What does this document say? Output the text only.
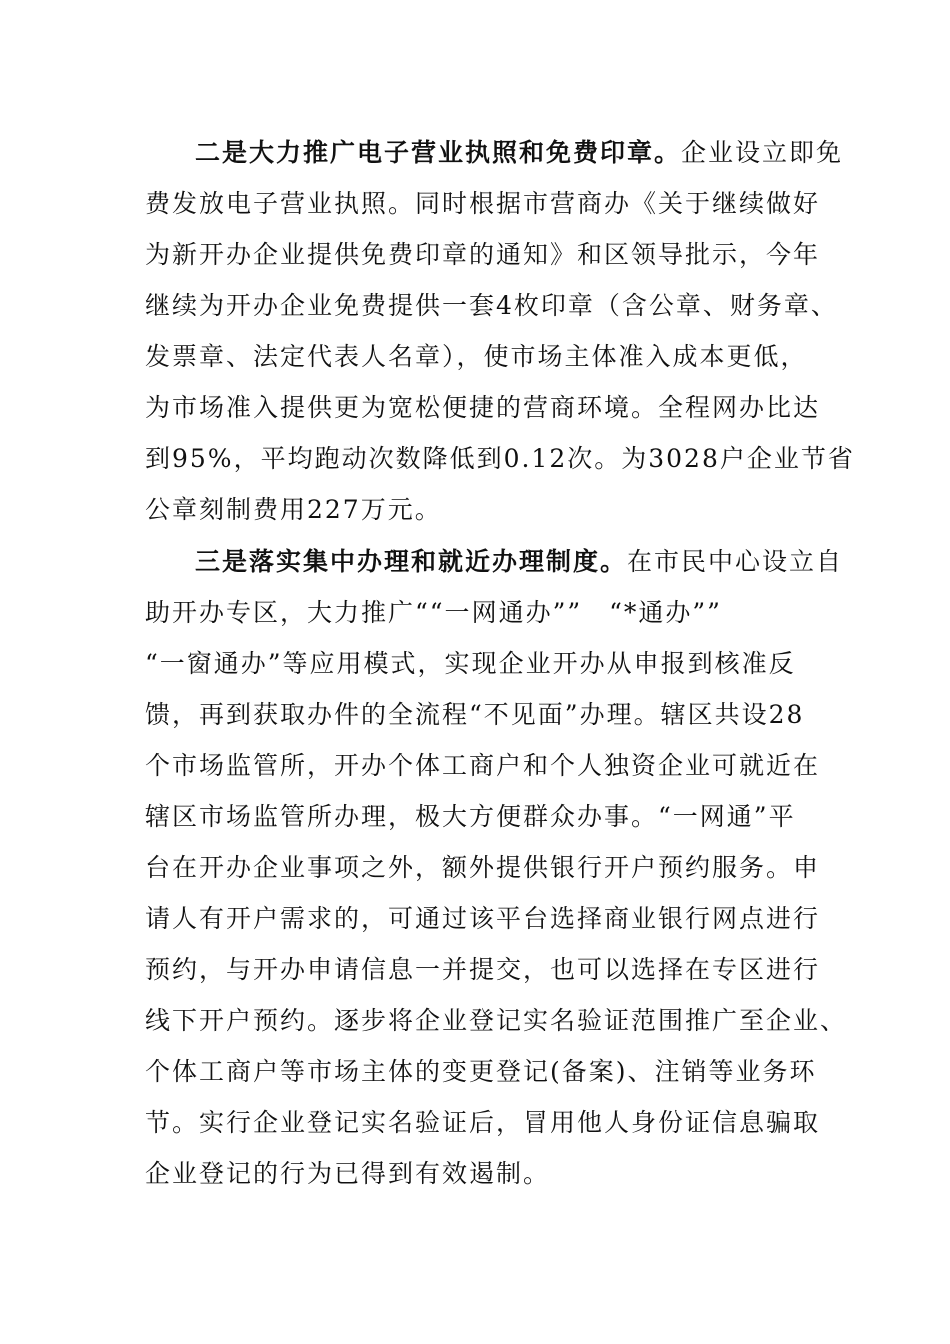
二是大力推广电子营业执照和免费印章。企业设立即免
费发放电子营业执照。同时根据市营商办《关于继续做好
为新开办企业提供免费印章的通知》和区领导批示，今年
继续为开办企业免费提供一套4枚印章（含公章、财务章、
发票章、法定代表人名章），使市场主体准入成本更低，
为市场准入提供更为宽松便捷的营商环境。全程网办比达
到95%，平均跑动次数降低到0.12次。为3028户企业节省
公章刻制费用227万元。
三是落实集中办理和就近办理制度。在市民中心设立自
助开办专区，大力推广““一网通办””　“*通办””
“一窗通办”等应用模式，实现企业开办从申报到核准反
馈，再到获取办件的全流程“不见面”办理。辖区共设28
个市场监管所，开办个体工商户和个人独资企业可就近在
辖区市场监管所办理，极大方便群众办事。“一网通”平
台在开办企业事项之外，额外提供银行开户预约服务。申
请人有开户需求的，可通过该平台选择商业银行网点进行
预约，与开办申请信息一并提交，也可以选择在专区进行
线下开户预约。逐步将企业登记实名验证范围推广至企业、
个体工商户等市场主体的变更登记(备案)、注销等业务环
节。实行企业登记实名验证后，冒用他人身份证信息骗取
企业登记的行为已得到有效遏制。
